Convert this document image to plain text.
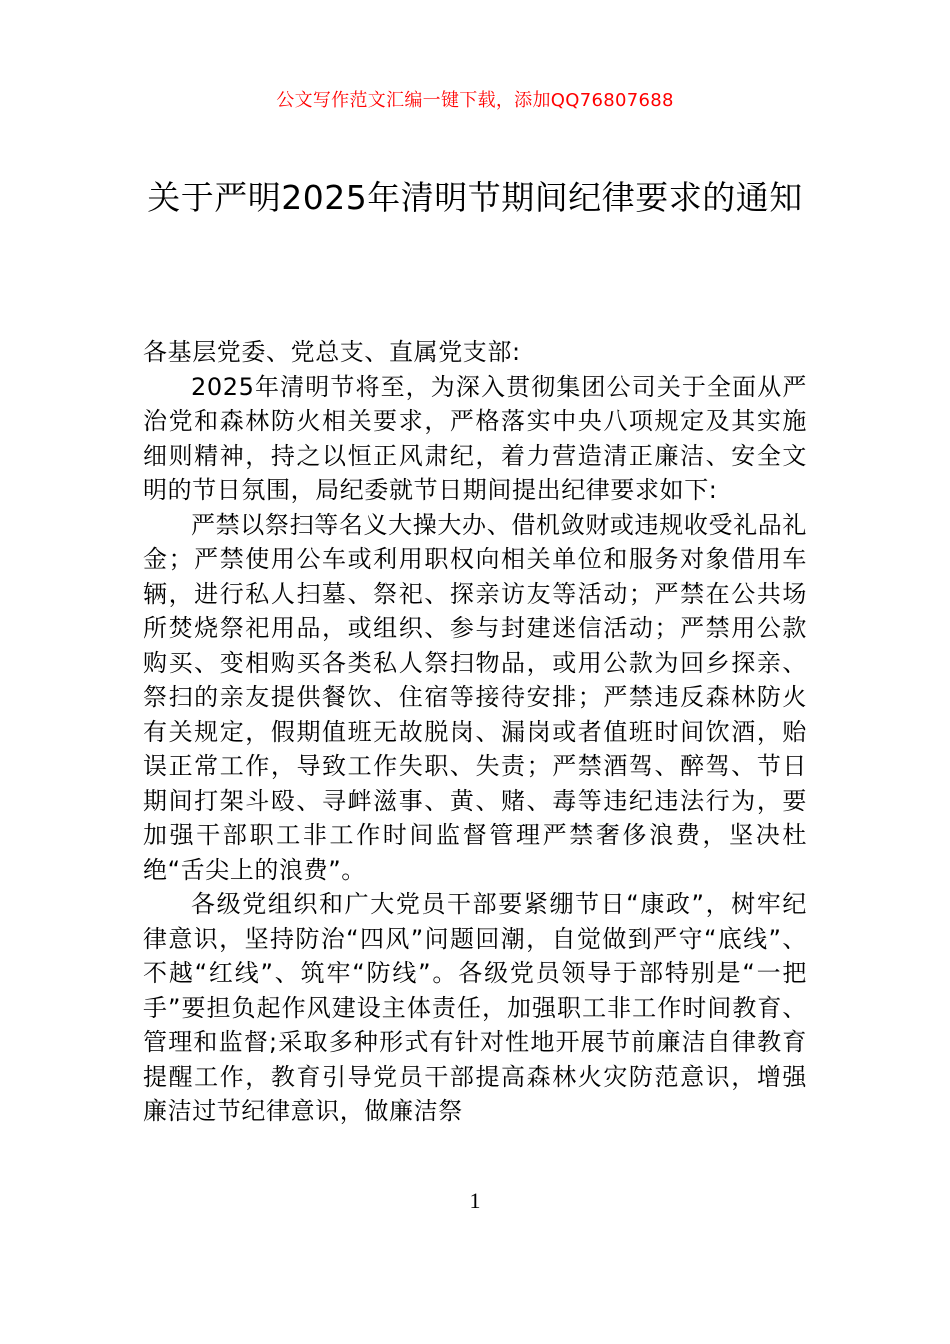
公文写作范文汇编一键下载，添加QQ76807688
关于严明2025年清明节期间纪律要求的通知

各基层党委、党总支、直属党支部:

2025年清明节将至，为深入贯彻集团公司关于全面从严治党和森林防火相关要求，严格落实中央八项规定及其实施细则精神，持之以恒正风肃纪，着力营造清正廉洁、安全文明的节日氛围，局纪委就节日期间提出纪律要求如下:

严禁以祭扫等名义大操大办、借机敛财或违规收受礼品礼金；严禁使用公车或利用职权向相关单位和服务对象借用车辆，进行私人扫墓、祭祀、探亲访友等活动；严禁在公共场所焚烧祭祀用品，或组织、参与封建迷信活动；严禁用公款购买、变相购买各类私人祭扫物品，或用公款为回乡探亲、祭扫的亲友提供餐饮、住宿等接待安排；严禁违反森林防火有关规定，假期值班无故脱岗、漏岗或者值班时间饮酒，贻误正常工作，导致工作失职、失责；严禁酒驾、醉驾、节日期间打架斗殴、寻衅滋事、黄、赌、毒等违纪违法行为，要加强干部职工非工作时间监督管理严禁奢侈浪费，坚决杜绝“舌尖上的浪费”。

各级党组织和广大党员干部要紧绷节日“康政”，树牢纪律意识，坚持防治“四风”问题回潮，自觉做到严守“底线”、不越“红线”、筑牢“防线”。各级党员领导于部特别是“一把手”要担负起作风建设主体责任，加强职工非工作时间教育、管理和监督;采取多种形式有针对性地开展节前廉洁自律教育提醒工作，教育引导党员干部提高森林火灾防范意识，增强廉洁过节纪律意识，做廉洁祭

1
